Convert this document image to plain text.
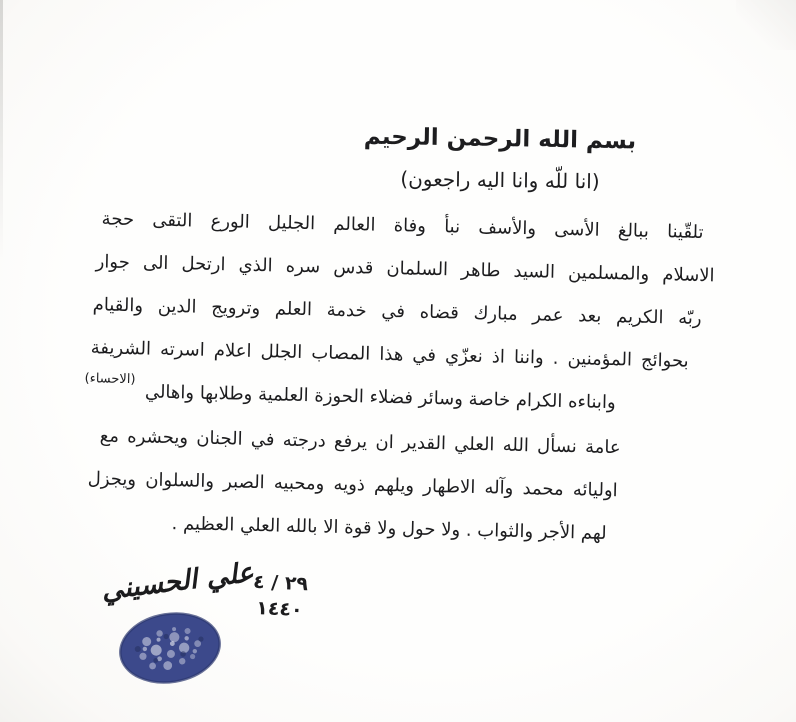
بسم الله الرحمن الرحيم
(انا للّه وانا اليه راجعون)
تلقّينا ببالغ الأسى والأسف نبأ وفاة العالم الجليل الورع التقى حجة
الاسلام والمسلمين السيد طاهر السلمان قدس سره الذي ارتحل الى جوار
ربّه الكريم بعد عمر مبارك قضاه في خدمة العلم وترويج الدين والقيام
بحوائج المؤمنين . واننا اذ نعزّي في هذا المصاب الجلل اعلام اسرته الشريفة
وابناءه الكرام خاصة وسائر فضلاء الحوزة العلمية وطلابها واهالي $^{(الاحساء)}$
عامة نسأل الله العلي القدير ان يرفع درجته في الجنان ويحشره مع
اوليائه محمد وآله الاطهار ويلهم ذويه ومحبيه الصبر والسلوان ويجزل
لهم الأجر والثواب . ولا حول ولا قوة الا بالله العلي العظيم .
٢٩ / ٤
١٤٤٠
علي الحسيني
